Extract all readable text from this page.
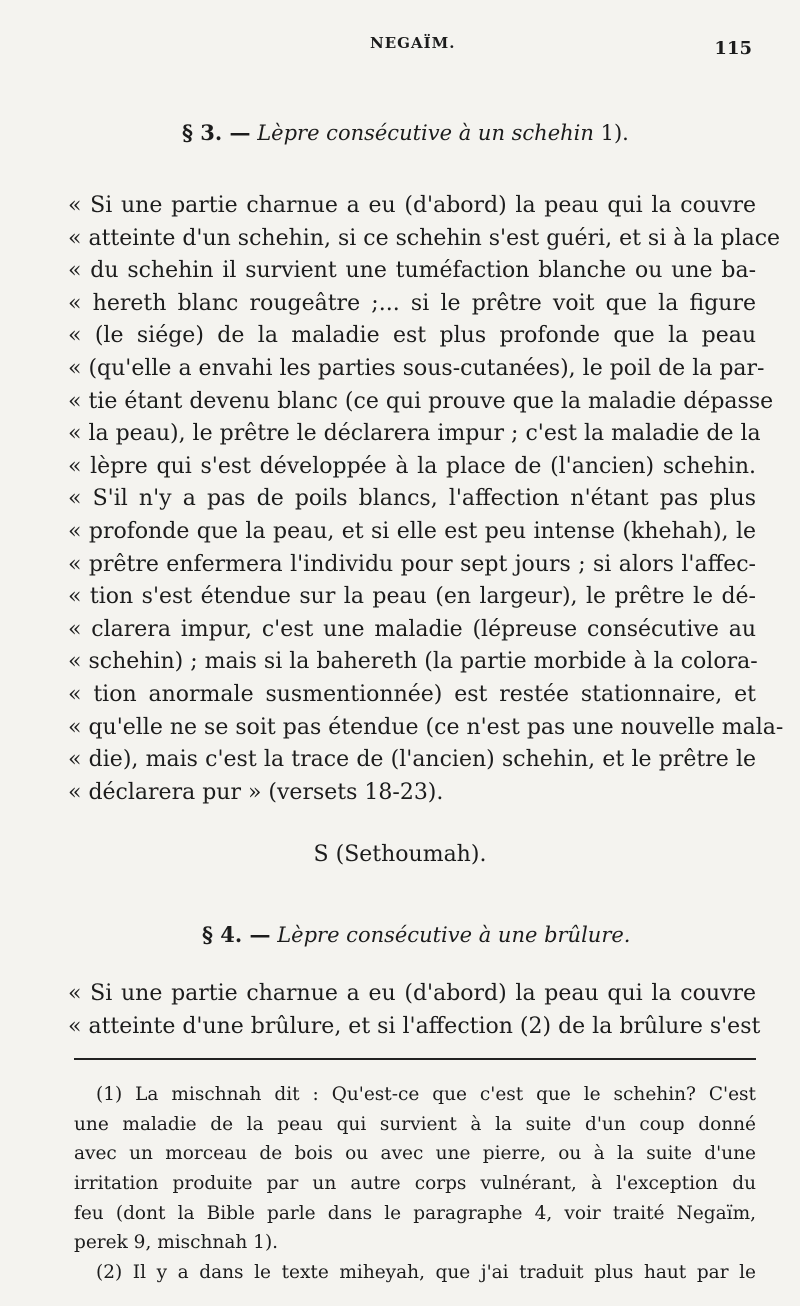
NEGAÏM.	115
§ 3. — Lèpre consécutive à un schehin 1).
« Si une partie charnue a eu (d'abord) la peau qui la couvre
« atteinte d'un schehin, si ce schehin s'est guéri, et si à la place
« du schehin il survient une tuméfaction blanche ou une ba-
« hereth blanc rougeâtre ;... si le prêtre voit que la figure
« (le siége) de la maladie est plus profonde que la peau
« (qu'elle a envahi les parties sous-cutanées), le poil de la par-
« tie étant devenu blanc (ce qui prouve que la maladie dépasse
« la peau), le prêtre le déclarera impur ; c'est la maladie de la
« lèpre qui s'est développée à la place de (l'ancien) schehin.
« S'il n'y a pas de poils blancs, l'affection n'étant pas plus
« profonde que la peau, et si elle est peu intense (khehah), le
« prêtre enfermera l'individu pour sept jours ; si alors l'affec-
« tion s'est étendue sur la peau (en largeur), le prêtre le dé-
« clarera impur, c'est une maladie (lépreuse consécutive au
« schehin) ; mais si la bahereth (la partie morbide à la colora-
« tion anormale susmentionnée) est restée stationnaire, et
« qu'elle ne se soit pas étendue (ce n'est pas une nouvelle mala-
« die), mais c'est la trace de (l'ancien) schehin, et le prêtre le
« déclarera pur » (versets 18-23).
S (Sethoumah).
§ 4. — Lèpre consécutive à une brûlure.
« Si une partie charnue a eu (d'abord) la peau qui la couvre
« atteinte d'une brûlure, et si l'affection (2) de la brûlure s'est
(1) La mischnah dit : Qu'est-ce que c'est que le schehin? C'est
une maladie de la peau qui survient à la suite d'un coup donné
avec un morceau de bois ou avec une pierre, ou à la suite d'une
irritation produite par un autre corps vulnérant, à l'exception du
feu (dont la Bible parle dans le paragraphe 4, voir traité Negaïm,
perek 9, mischnah 1).
(2) Il y a dans le texte miheyah, que j'ai traduit plus haut par le
